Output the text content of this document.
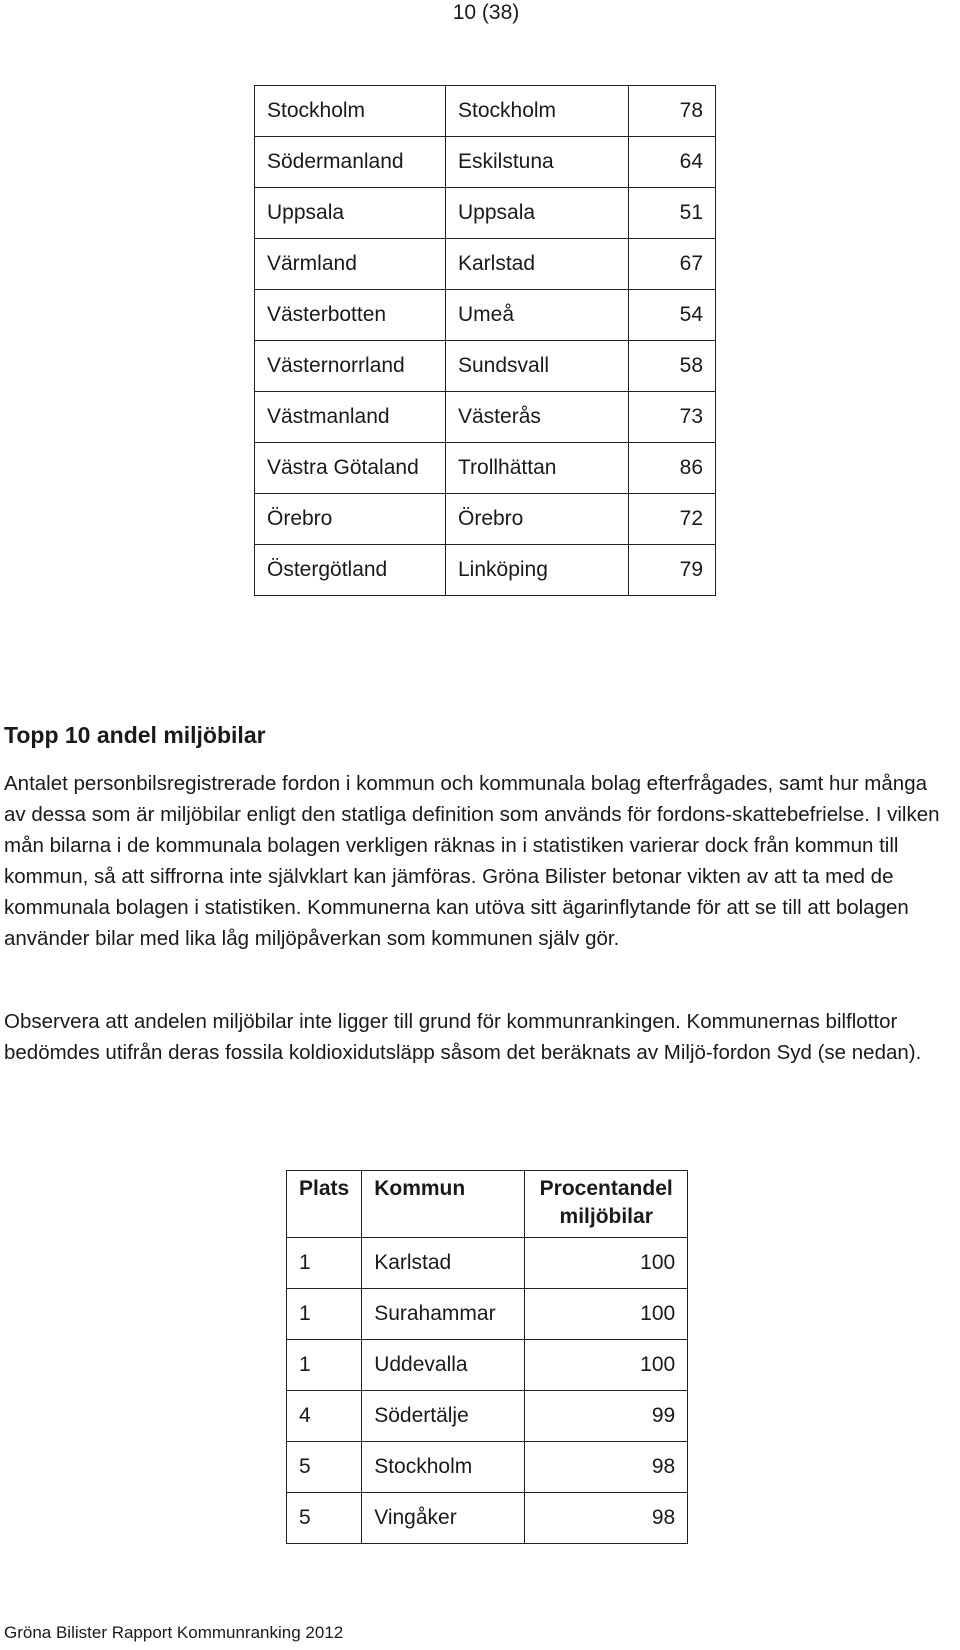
10 (38)
Stockholm	Stockholm	78
Södermanland	Eskilstuna	64
Uppsala	Uppsala	51
Värmland	Karlstad	67
Västerbotten	Umeå	54
Västernorrland	Sundsvall	58
Västmanland	Västerås	73
Västra Götaland	Trollhättan	86
Örebro	Örebro	72
Östergötland	Linköping	79
Topp 10 andel miljöbilar

Antalet personbilsregistrerade fordon i kommun och kommunala bolag efterfrågades, samt hur många av dessa som är miljöbilar enligt den statliga definition som används för fordons-skattebefrielse. I vilken mån bilarna i de kommunala bolagen verkligen räknas in i statistiken varierar dock från kommun till kommun, så att siffrorna inte självklart kan jämföras. Gröna Bilister betonar vikten av att ta med de kommunala bolagen i statistiken. Kommunerna kan utöva sitt ägarinflytande för att se till att bolagen använder bilar med lika låg miljöpåverkan som kommunen själv gör.

Observera att andelen miljöbilar inte ligger till grund för kommunrankingen. Kommunernas bilflottor bedömdes utifrån deras fossila koldioxidutsläpp såsom det beräknats av Miljö-fordon Syd (se nedan).

Plats	Kommun	Procentandel miljöbilar
1	Karlstad	100
1	Surahammar	100
1	Uddevalla	100
4	Södertälje	99
5	Stockholm	98
5	Vingåker	98
Gröna Bilister Rapport Kommunranking 2012
